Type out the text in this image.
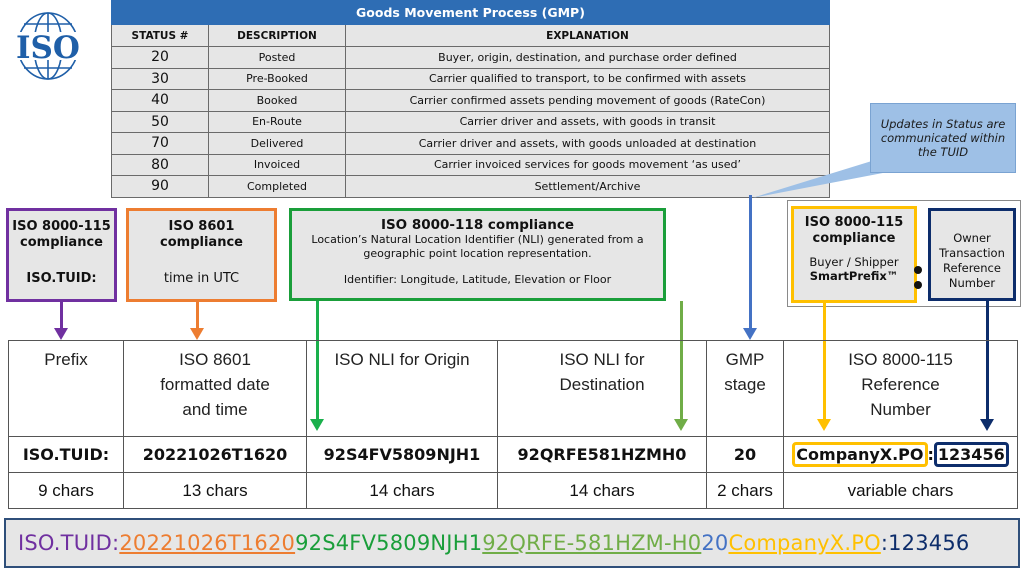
ISO
Goods Movement Process (GMP)		
STATUS #	DESCRIPTION	EXPLANATION
20	Posted	Buyer, origin, destination, and purchase order defined
30	Pre-Booked	Carrier qualified to transport, to be confirmed with assets
40	Booked	Carrier confirmed assets pending movement of goods (RateCon)
50	En-Route	Carrier driver and assets, with goods in transit
70	Delivered	Carrier driver and assets, with goods unloaded at destination
80	Invoiced	Carrier invoiced services for goods movement ‘as used’
90	Completed	Settlement/Archive
Updates in Status are communicated within the TUID
ISO 8000-115 compliance
ISO.TUID:
ISO 8601 compliance
time in UTC
ISO 8000-118 compliance
Location’s Natural Location Identifier (NLI) generated from a geographic point location representation.
Identifier: Longitude, Latitude, Elevation or Floor
ISO 8000-115 compliance
Buyer / Shipper
SmartPrefix™
Owner Transaction Reference Number
Prefix	ISO 8601 formatted date and time	ISO NLI for Origin	ISO NLI for Destination	GMP stage	ISO 8000-115 Reference Number
ISO.TUID:	20221026T1620	92S4FV5809NJH1	92QRFE581HZMH0	20	CompanyX.PO : 123456
9 chars	13 chars	14 chars	14 chars	2 chars	variable chars
ISO.TUID: 20221026T1620 92S4FV5809NJH1 92QRFE-581HZM-H0 20 CompanyX.PO :123456
